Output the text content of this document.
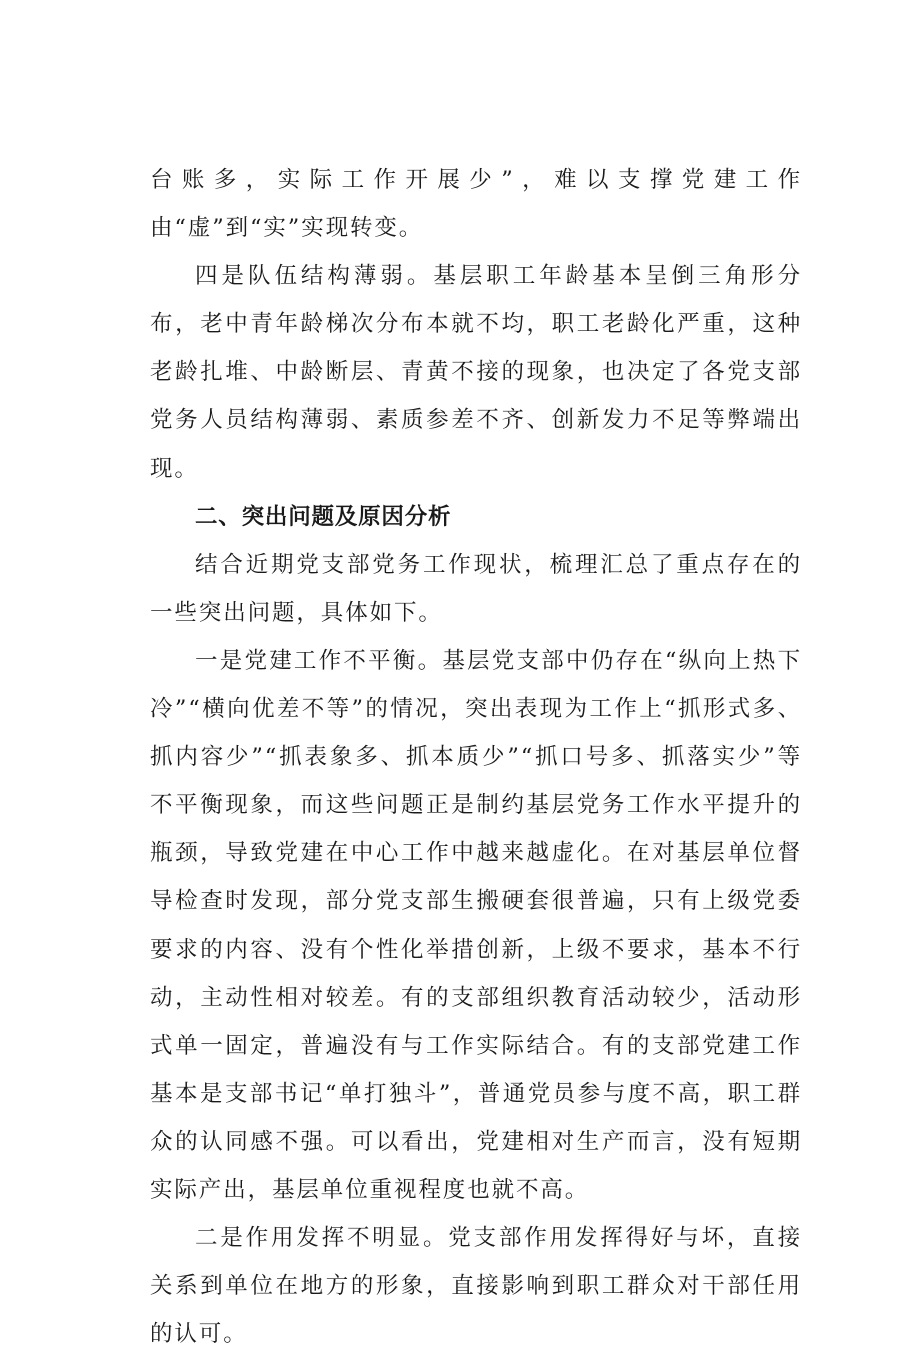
台账多，实际工作开展少”，难以支撑党建工作由“虚”到“实”实现转变。

四是队伍结构薄弱。基层职工年龄基本呈倒三角形分布，老中青年龄梯次分布本就不均，职工老龄化严重，这种老龄扎堆、中龄断层、青黄不接的现象，也决定了各党支部党务人员结构薄弱、素质参差不齐、创新发力不足等弊端出现。

二、突出问题及原因分析

结合近期党支部党务工作现状，梳理汇总了重点存在的一些突出问题，具体如下。

一是党建工作不平衡。基层党支部中仍存在“纵向上热下冷”“横向优差不等”的情况，突出表现为工作上“抓形式多、抓内容少”“抓表象多、抓本质少”“抓口号多、抓落实少”等不平衡现象，而这些问题正是制约基层党务工作水平提升的瓶颈，导致党建在中心工作中越来越虚化。在对基层单位督导检查时发现，部分党支部生搬硬套很普遍，只有上级党委要求的内容、没有个性化举措创新，上级不要求，基本不行动，主动性相对较差。有的支部组织教育活动较少，活动形式单一固定，普遍没有与工作实际结合。有的支部党建工作基本是支部书记“单打独斗”，普通党员参与度不高，职工群众的认同感不强。可以看出，党建相对生产而言，没有短期实际产出，基层单位重视程度也就不高。

二是作用发挥不明显。党支部作用发挥得好与坏，直接关系到单位在地方的形象，直接影响到职工群众对干部任用的认可。
